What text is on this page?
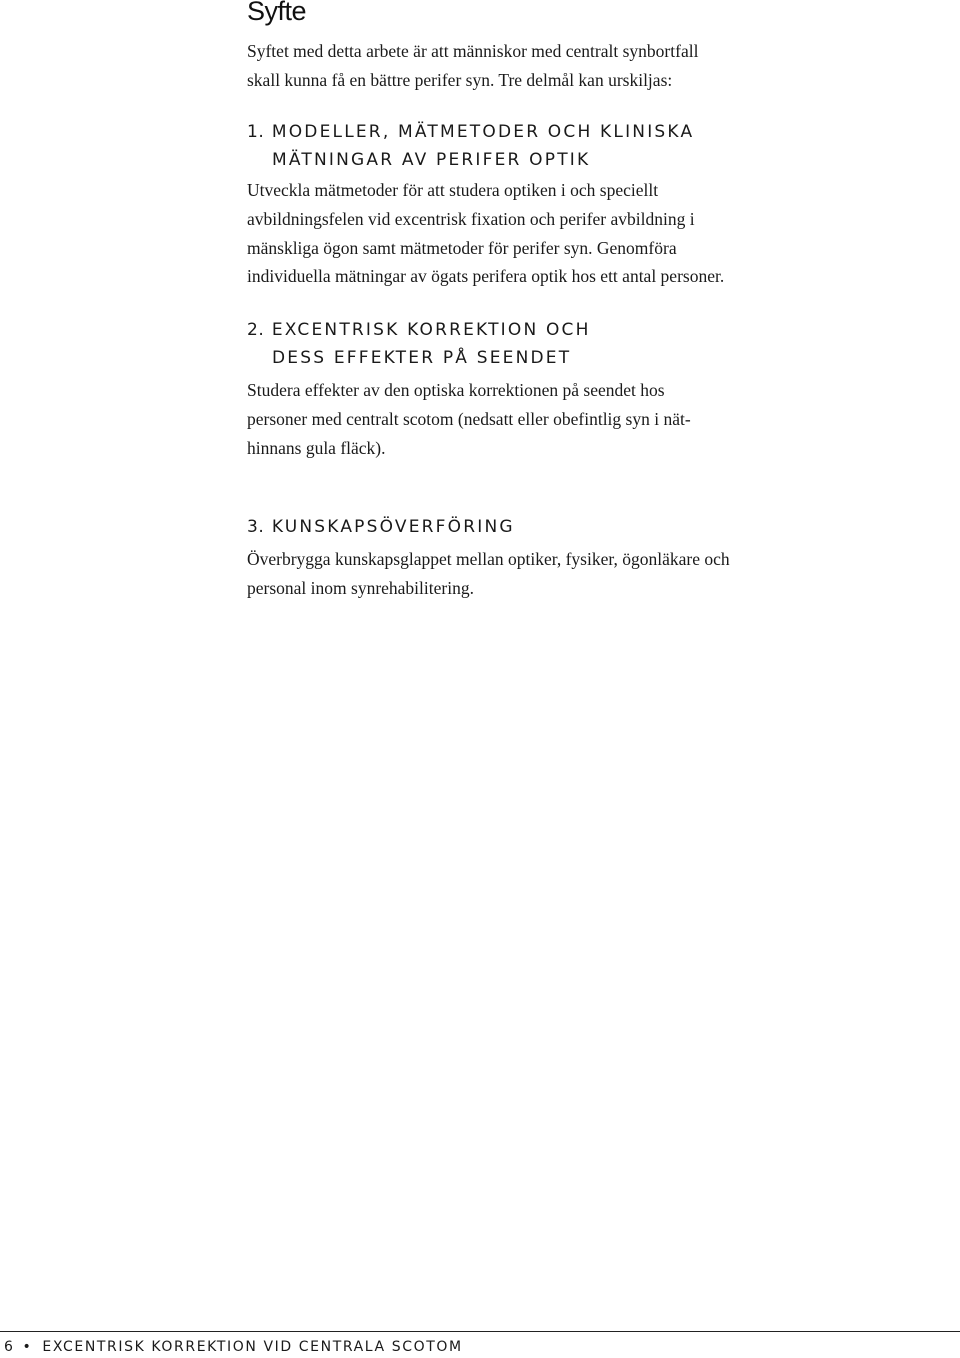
Syfte

Syftet med detta arbete är att människor med centralt synbortfall
skall kunna få en bättre perifer syn. Tre delmål kan urskiljas:

1. MODELLER, MÄTMETODER OCH KLINISKA
MÄTNINGAR AV PERIFER OPTIK

Utveckla mätmetoder för att studera optiken i och speciellt
avbildningsfelen vid excentrisk fixation och perifer avbildning i
mänskliga ögon samt mätmetoder för perifer syn. Genomföra
individuella mätningar av ögats perifera optik hos ett antal personer.

2. EXCENTRISK KORREKTION OCH
DESS EFFEKTER PÅ SEENDET

Studera effekter av den optiska korrektionen på seendet hos
personer med centralt scotom (nedsatt eller obefintlig syn i nät-
hinnans gula fläck).

3. KUNSKAPSÖVERFÖRING

Överbrygga kunskapsglappet mellan optiker, fysiker, ögonläkare och
personal inom synrehabilitering.

6 • EXCENTRISK KORREKTION VID CENTRALA SCOTOM
